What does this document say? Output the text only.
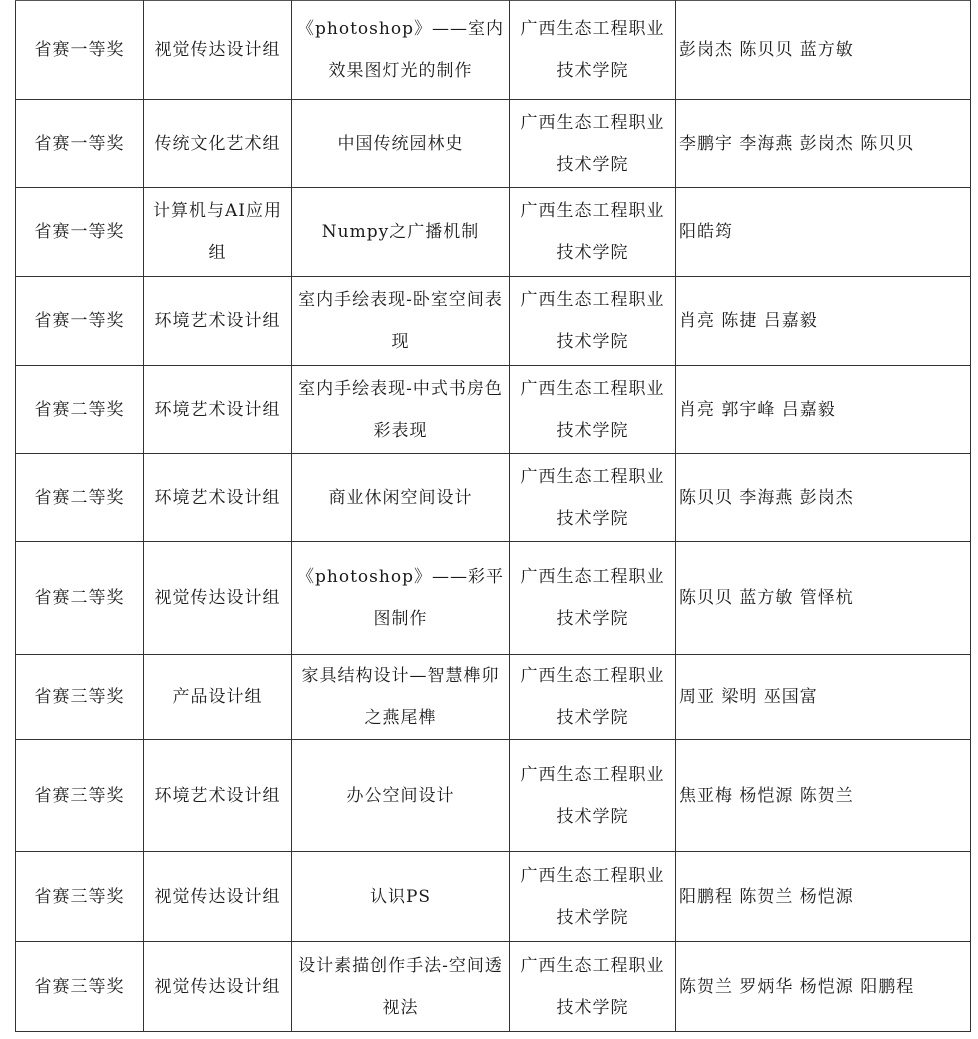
省赛一等奖	视觉传达设计组	《photoshop》——室内效果图灯光的制作	广西生态工程职业技术学院	彭岗杰 陈贝贝 蓝方敏
省赛一等奖	传统文化艺术组	中国传统园林史	广西生态工程职业技术学院	李鹏宇 李海燕 彭岗杰 陈贝贝
省赛一等奖	计算机与AI应用组	Numpy之广播机制	广西生态工程职业技术学院	阳皓筠
省赛一等奖	环境艺术设计组	室内手绘表现-卧室空间表现	广西生态工程职业技术学院	肖亮 陈捷 吕嘉毅
省赛二等奖	环境艺术设计组	室内手绘表现-中式书房色彩表现	广西生态工程职业技术学院	肖亮 郭宇峰 吕嘉毅
省赛二等奖	环境艺术设计组	商业休闲空间设计	广西生态工程职业技术学院	陈贝贝 李海燕 彭岗杰
省赛二等奖	视觉传达设计组	《photoshop》——彩平图制作	广西生态工程职业技术学院	陈贝贝 蓝方敏 管怿杭
省赛三等奖	产品设计组	家具结构设计—智慧榫卯之燕尾榫	广西生态工程职业技术学院	周亚 梁明 巫国富
省赛三等奖	环境艺术设计组	办公空间设计	广西生态工程职业技术学院	焦亚梅 杨恺源 陈贺兰
省赛三等奖	视觉传达设计组	认识PS	广西生态工程职业技术学院	阳鹏程 陈贺兰 杨恺源
省赛三等奖	视觉传达设计组	设计素描创作手法-空间透视法	广西生态工程职业技术学院	陈贺兰 罗炳华 杨恺源 阳鹏程
